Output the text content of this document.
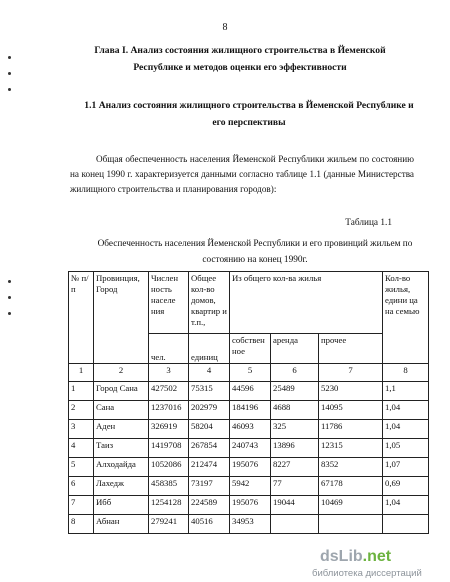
8
Глава I. Анализ состояния жилищного строительства в Йеменской Республике и методов оценки его эффективности
1.1 Анализ состояния жилищного строительства в Йеменской Республике и его перспективы
Общая обеспеченность населения Йеменской Республики жильем по состоянию на конец 1990 г. характеризуется данными согласно таблице 1.1 (данные Министерства жилищного строительства и планирования городов):
Таблица 1.1
Обеспеченность населения Йеменской Республики и его провинций жильем по состоянию на конец 1990г.
№ п/п	Провинция, Город	Числен ность населе ния	Общее кол-во домов, квартир и т.п.,	Из общего кол-ва жилья			Кол-во жилья, едини ца на семью
		чел.	единиц	собствен ное	аренда	прочее	
1	2	3	4	5	6	7	8
1	Город Сана	427502	75315	44596	25489	5230	1,1
2	Сана	1237016	202979	184196	4688	14095	1,04
3	Аден	326919	58204	46093	325	11786	1,04
4	Таиз	1419708	267854	240743	13896	12315	1,05
5	Алходайда	1052086	212474	195076	8227	8352	1,07
6	Лахедж	458385	73197	5942	77	67178	0,69
7	Ибб	1254128	224589	195076	19044	10469	1,04
8	Абнан	279241	40516	34953			
dsLib.net
библиотека диссертаций
